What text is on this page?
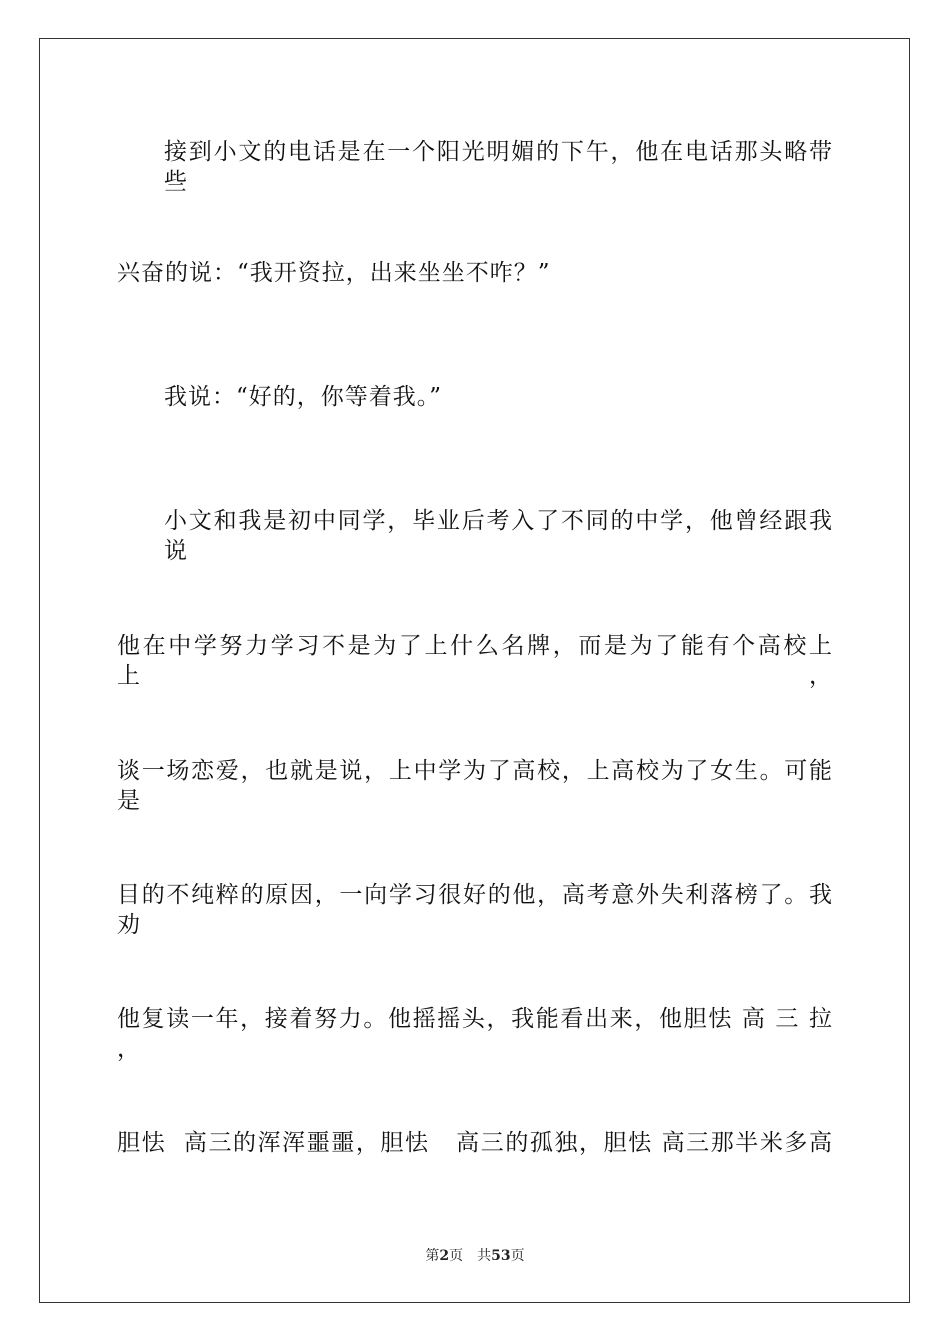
接到小文的电话是在一个阳光明媚的下午，他在电话那头略带些
兴奋的说：“我开资拉，出来坐坐不咋？”
我说：“好的，你等着我。”
小文和我是初中同学，毕业后考入了不同的中学，他曾经跟我说
他在中学努力学习不是为了上什么名牌，而是为了能有个高校上上，
谈一场恋爱，也就是说，上中学为了高校，上高校为了女生。可能是
目的不纯粹的原因，一向学习很好的他，高考意外失利落榜了。我劝
他复读一年，接着努力。他摇摇头，我能看出来，他胆怯 高 三 拉 ，
胆怯  高三的浑浑噩噩，胆怯   高三的孤独，胆怯 高三那半米多高
第2页 共53页
